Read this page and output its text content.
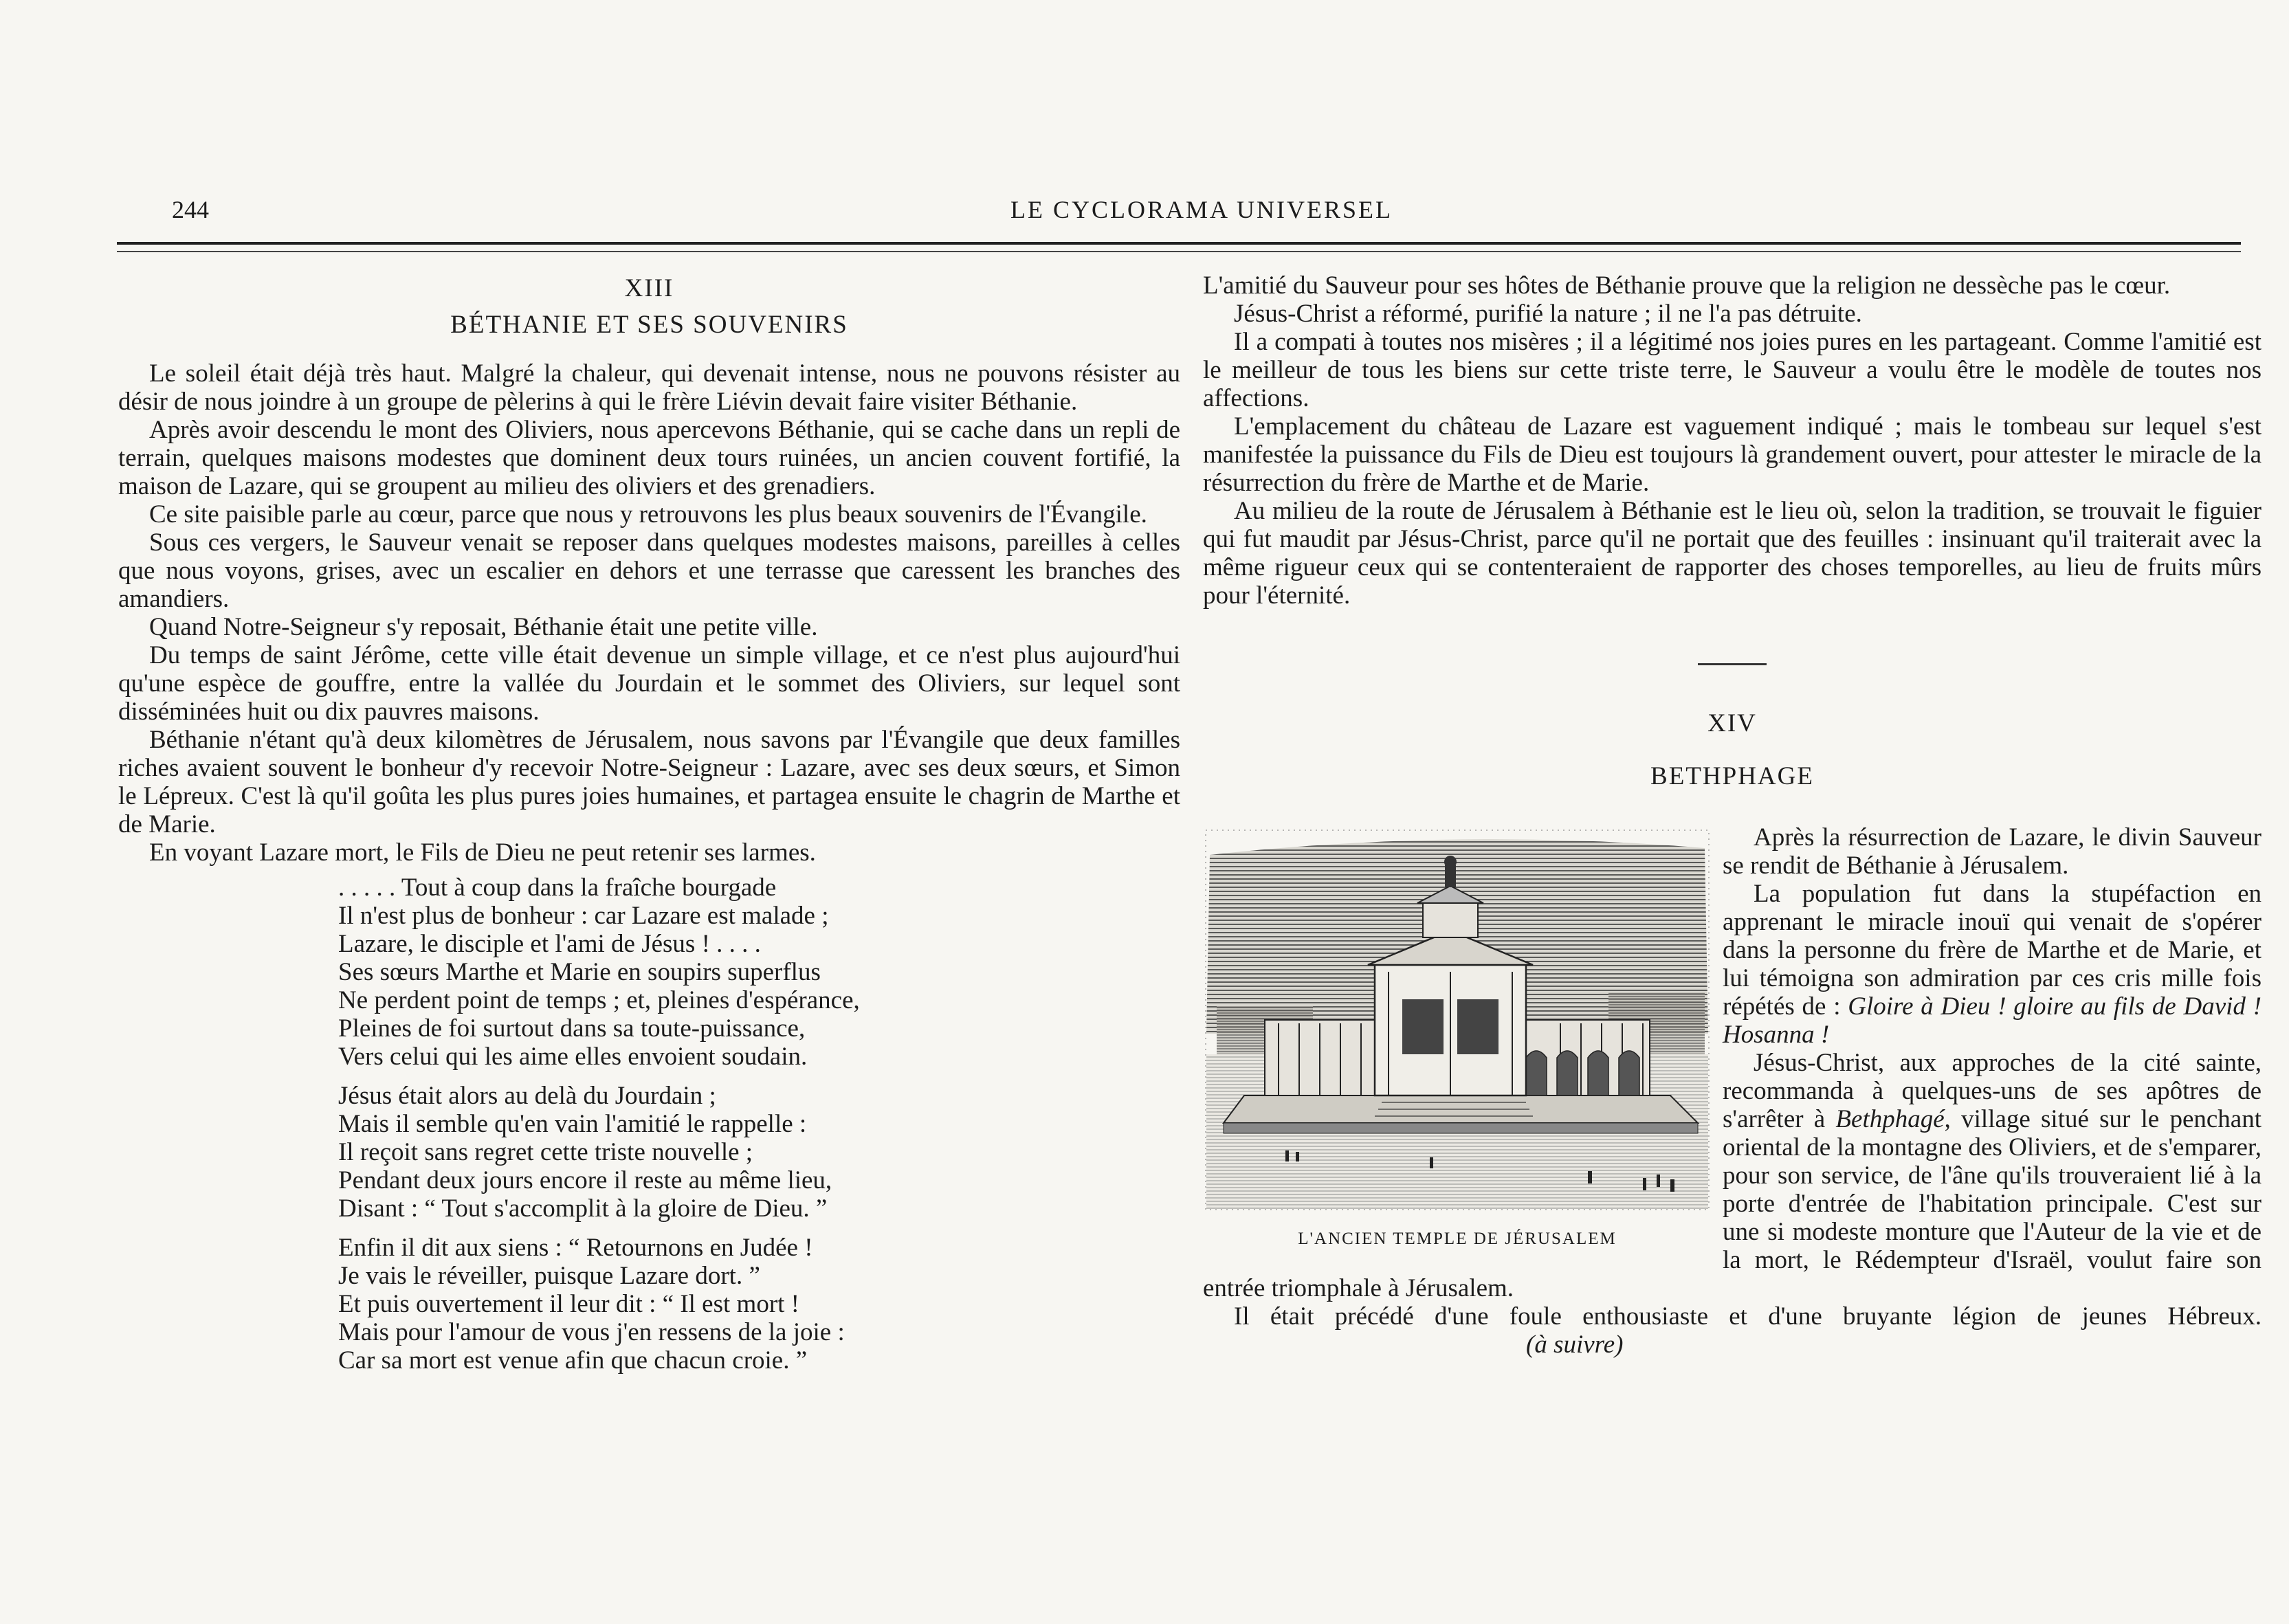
244	LE CYCLORAMA UNIVERSEL
XIII
BÉTHANIE ET SES SOUVENIRS

Le soleil était déjà très haut. Malgré la chaleur, qui devenait intense, nous ne pouvons résister au désir de nous joindre à un groupe de pèlerins à qui le frère Liévin devait faire visiter Béthanie.

Après avoir descendu le mont des Oliviers, nous apercevons Béthanie, qui se cache dans un repli de terrain, quelques maisons modestes que dominent deux tours ruinées, un ancien couvent fortifié, la maison de Lazare, qui se groupent au milieu des oliviers et des grenadiers.

Ce site paisible parle au cœur, parce que nous y retrouvons les plus beaux souvenirs de l'Évangile.

Sous ces vergers, le Sauveur venait se reposer dans quelques modestes maisons, pareilles à celles que nous voyons, grises, avec un escalier en dehors et une terrasse que caressent les branches des amandiers.

Quand Notre-Seigneur s'y reposait, Béthanie était une petite ville.

Du temps de saint Jérôme, cette ville était devenue un simple village, et ce n'est plus aujourd'hui qu'une espèce de gouffre, entre la vallée du Jourdain et le sommet des Oliviers, sur lequel sont disséminées huit ou dix pauvres maisons.

Béthanie n'étant qu'à deux kilomètres de Jérusalem, nous savons par l'Évangile que deux familles riches avaient souvent le bonheur d'y recevoir Notre-Seigneur : Lazare, avec ses deux sœurs, et Simon le Lépreux. C'est là qu'il goûta les plus pures joies humaines, et partagea ensuite le chagrin de Marthe et de Marie.

En voyant Lazare mort, le Fils de Dieu ne peut retenir ses larmes.

. . . . . Tout à coup dans la fraîche bourgade
Il n'est plus de bonheur : car Lazare est malade ;
Lazare, le disciple et l'ami de Jésus ! . . . .
Ses sœurs Marthe et Marie en soupirs superflus
Ne perdent point de temps ; et, pleines d'espérance,
Pleines de foi surtout dans sa toute-puissance,
Vers celui qui les aime elles envoient soudain.
Jésus était alors au delà du Jourdain ;
Mais il semble qu'en vain l'amitié le rappelle :
Il reçoit sans regret cette triste nouvelle ;
Pendant deux jours encore il reste au même lieu,
Disant : “ Tout s'accomplit à la gloire de Dieu. ”
Enfin il dit aux siens : “ Retournons en Judée !
Je vais le réveiller, puisque Lazare dort. ”
Et puis ouvertement il leur dit : “ Il est mort !
Mais pour l'amour de vous j'en ressens de la joie :
Car sa mort est venue afin que chacun croie. ”

L'amitié du Sauveur pour ses hôtes de Béthanie prouve que la religion ne dessèche pas le cœur.

Jésus-Christ a réformé, purifié la nature ; il ne l'a pas détruite.

Il a compati à toutes nos misères ; il a légitimé nos joies pures en les partageant. Comme l'amitié est le meilleur de tous les biens sur cette triste terre, le Sauveur a voulu être le modèle de toutes nos affections.

L'emplacement du château de Lazare est vaguement indiqué ; mais le tombeau sur lequel s'est manifestée la puissance du Fils de Dieu est toujours là grandement ouvert, pour attester le miracle de la résurrection du frère de Marthe et de Marie.

Au milieu de la route de Jérusalem à Béthanie est le lieu où, selon la tradition, se trouvait le figuier qui fut maudit par Jésus-Christ, parce qu'il ne portait que des feuilles : insinuant qu'il traiterait avec la même rigueur ceux qui se contenteraient de rapporter des choses temporelles, au lieu de fruits mûrs pour l'éternité.

XIV
BETHPHAGE
L'ANCIEN TEMPLE DE JÉRUSALEM

Après la résurrection de Lazare, le divin Sauveur se rendit de Béthanie à Jérusalem.

La population fut dans la stupéfaction en apprenant le miracle inouï qui venait de s'opérer dans la personne du frère de Marthe et de Marie, et lui témoigna son admiration par ces cris mille fois répétés de : Gloire à Dieu ! gloire au fils de David ! Hosanna !

Jésus-Christ, aux approches de la cité sainte, recommanda à quelques-uns de ses apôtres de s'arrêter à Bethphagé, village situé sur le penchant oriental de la montagne des Oliviers, et de s'emparer, pour son service, de l'âne qu'ils trouveraient lié à la porte d'entrée de l'habitation principale. C'est sur une si modeste monture que l'Auteur de la vie et de la mort, le Rédempteur d'Israël, voulut faire son entrée triomphale à Jérusalem.

Il était précédé d'une foule enthousiaste et d'une bruyante légion de jeunes Hébreux.(à suivre)
